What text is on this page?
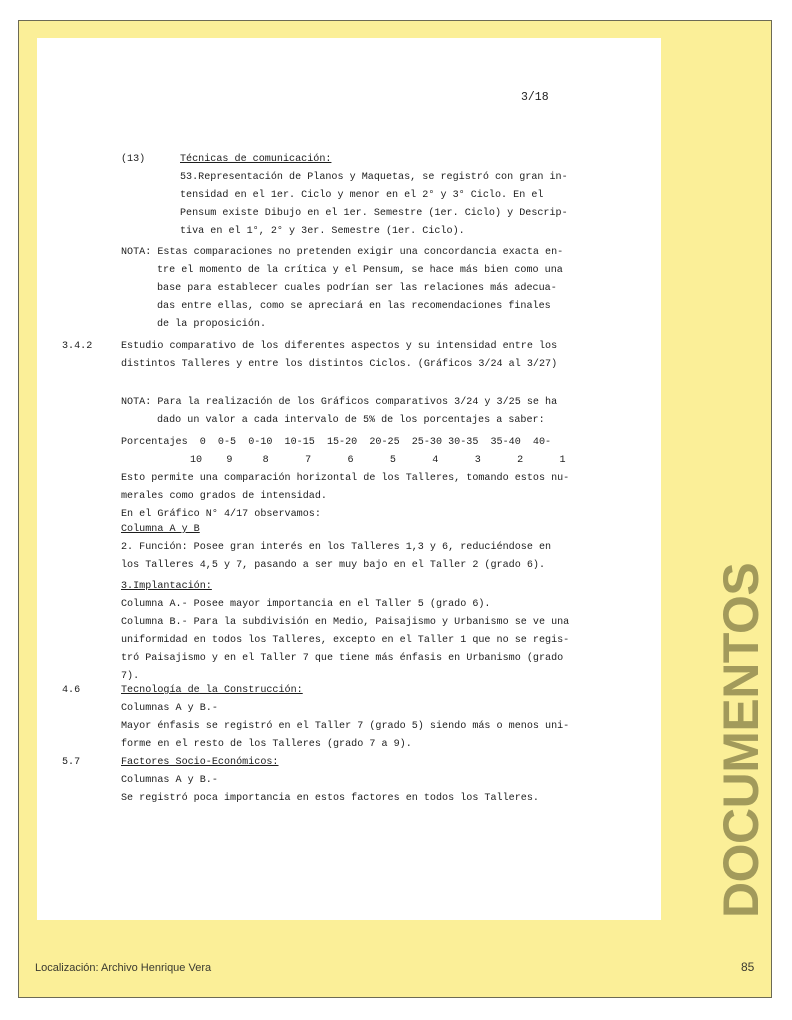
3/18
(13)	Técnicas de comunicación:
53.Representación de Planos y Maquetas, se registró con gran in-
tensidad en el 1er. Ciclo y menor en el 2° y 3° Ciclo. En el
Pensum existe Dibujo en el 1er. Semestre (1er. Ciclo) y Descrip-
tiva en el 1°, 2° y 3er. Semestre (1er. Ciclo).
NOTA: Estas comparaciones no pretenden exigir una concordancia exacta en-
tre el momento de la crítica y el Pensum, se hace más bien como una
base para establecer cuales podrían ser las relaciones más adecua-
das entre ellas, como se apreciará en las recomendaciones finales
de la proposición.
3.4.2	Estudio comparativo de los diferentes aspectos y su intensidad entre los
distintos Talleres y entre los distintos Ciclos. (Gráficos 3/24 al 3/27)
NOTA: Para la realización de los Gráficos comparativos 3/24 y 3/25 se ha
dado un valor a cada intervalo de 5% de los porcentajes a saber:
Porcentajes  0  0-5  0-10  10-15  15-20  20-25  25-30 30-35  35-40  40-
10    9     8      7      6      5      4      3      2      1
Esto permite una comparación horizontal de los Talleres, tomando estos nu-
merales como grados de intensidad.
En el Gráfico N° 4/17 observamos:
Columna A y B
2. Función: Posee gran interés en los Talleres 1,3 y 6, reduciéndose en
los Talleres 4,5 y 7, pasando a ser muy bajo en el Taller 2 (grado 6).
3.Implantación:
Columna A.- Posee mayor importancia en el Taller 5 (grado 6).
Columna B.- Para la subdivisión en Medio, Paisajismo y Urbanismo se ve una
uniformidad en todos los Talleres, excepto en el Taller 1 que no se regis-
tró Paisajismo y en el Taller 7 que tiene más énfasis en Urbanismo (grado
7).
4.6	Tecnología de la Construcción:
Columnas A y B.-
Mayor énfasis se registró en el Taller 7 (grado 5) siendo más o menos uni-
forme en el resto de los Talleres (grado 7 a 9).
5.7	Factores Socio-Económicos:
Columnas A y B.-
Se registró poca importancia en estos factores en todos los Talleres.	DOCUMENTOS
Localización: Archivo Henrique Vera	85
